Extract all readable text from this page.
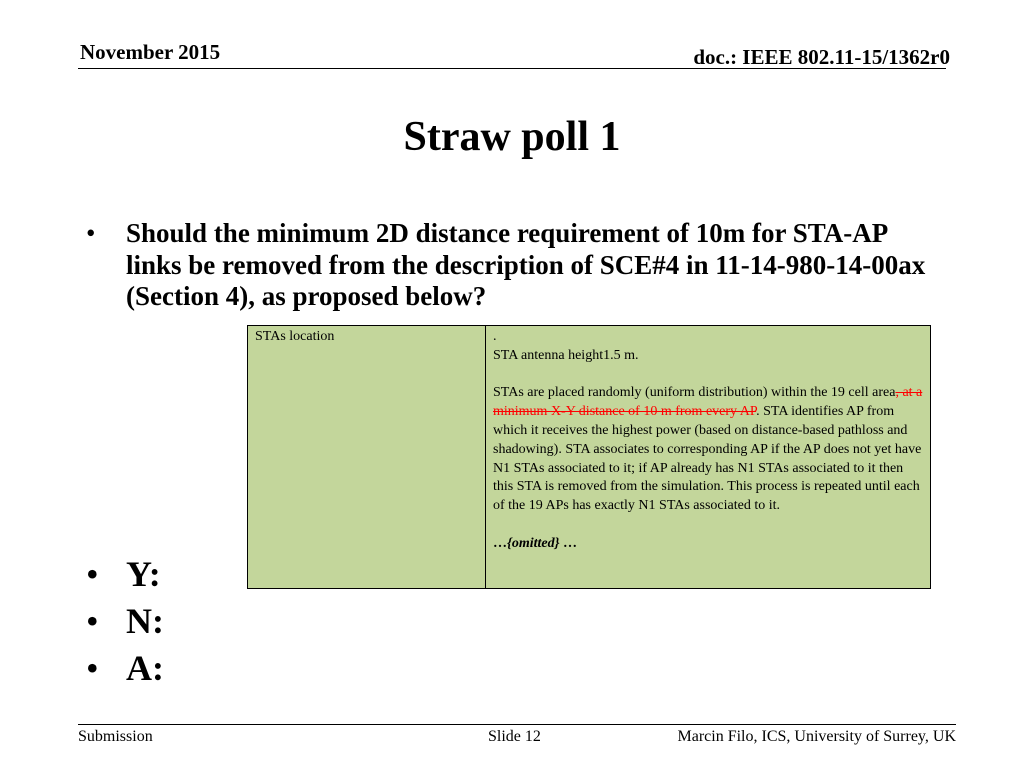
November 2015	doc.: IEEE 802.11-15/1362r0
Straw poll 1
• Should the minimum 2D distance requirement of 10m for STA-AP links be removed from the description of SCE#4 in 11-14-980-14-00ax (Section 4), as proposed below?
STAs location	.
STA antenna height1.5 m.
STAs are placed randomly (uniform distribution) within the 19 cell area, at a minimum X-Y distance of 10 m from every AP. STA identifies AP from which it receives the highest power (based on distance-based pathloss and shadowing). STA associates to corresponding AP if the AP does not yet have N1 STAs associated to it; if AP already has N1 STAs associated to it then this STA is removed from the simulation. This process is repeated until each of the 19 APs has exactly N1 STAs associated to it.
…{omitted} …
• Y:
• N:
• A:
Submission	Slide 12	Marcin Filo, ICS, University of Surrey, UK
